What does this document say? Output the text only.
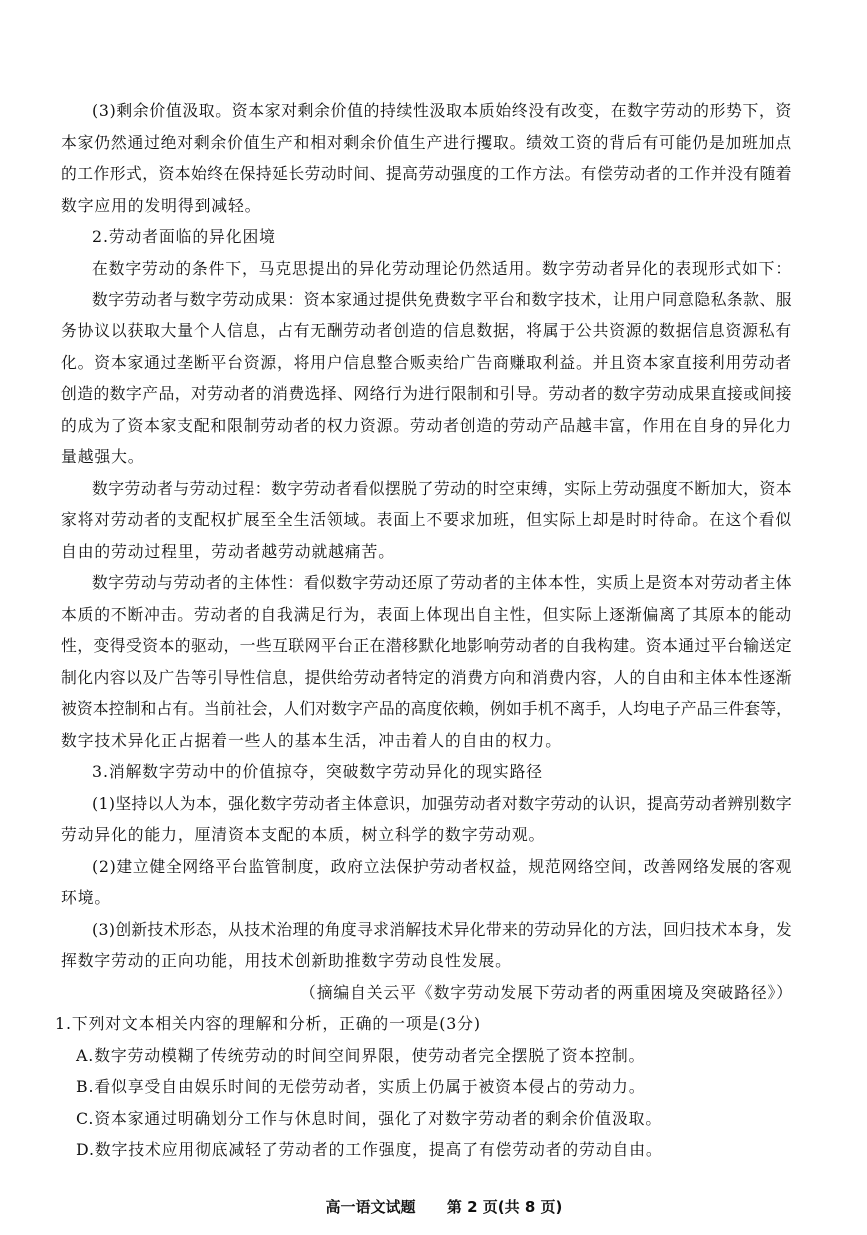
(3)剩余价值汲取。资本家对剩余价值的持续性汲取本质始终没有改变，在数字劳动的形势下，资
本家仍然通过绝对剩余价值生产和相对剩余价值生产进行攫取。绩效工资的背后有可能仍是加班加点
的工作形式，资本始终在保持延长劳动时间、提高劳动强度的工作方法。有偿劳动者的工作并没有随着
数字应用的发明得到减轻。
2.劳动者面临的异化困境
在数字劳动的条件下，马克思提出的异化劳动理论仍然适用。数字劳动者异化的表现形式如下：
数字劳动者与数字劳动成果：资本家通过提供免费数字平台和数字技术，让用户同意隐私条款、服
务协议以获取大量个人信息，占有无酬劳动者创造的信息数据，将属于公共资源的数据信息资源私有
化。资本家通过垄断平台资源，将用户信息整合贩卖给广告商赚取利益。并且资本家直接利用劳动者
创造的数字产品，对劳动者的消费选择、网络行为进行限制和引导。劳动者的数字劳动成果直接或间接
的成为了资本家支配和限制劳动者的权力资源。劳动者创造的劳动产品越丰富，作用在自身的异化力
量越强大。
数字劳动者与劳动过程：数字劳动者看似摆脱了劳动的时空束缚，实际上劳动强度不断加大，资本
家将对劳动者的支配权扩展至全生活领域。表面上不要求加班，但实际上却是时时待命。在这个看似
自由的劳动过程里，劳动者越劳动就越痛苦。
数字劳动与劳动者的主体性：看似数字劳动还原了劳动者的主体本性，实质上是资本对劳动者主体
本质的不断冲击。劳动者的自我满足行为，表面上体现出自主性，但实际上逐渐偏离了其原本的能动
性，变得受资本的驱动，一些互联网平台正在潜移默化地影响劳动者的自我构建。资本通过平台输送定
制化内容以及广告等引导性信息，提供给劳动者特定的消费方向和消费内容，人的自由和主体本性逐渐
被资本控制和占有。当前社会，人们对数字产品的高度依赖，例如手机不离手，人均电子产品三件套等，
数字技术异化正占据着一些人的基本生活，冲击着人的自由的权力。
3.消解数字劳动中的价值掠夺，突破数字劳动异化的现实路径
(1)坚持以人为本，强化数字劳动者主体意识，加强劳动者对数字劳动的认识，提高劳动者辨别数字
劳动异化的能力，厘清资本支配的本质，树立科学的数字劳动观。
(2)建立健全网络平台监管制度，政府立法保护劳动者权益，规范网络空间，改善网络发展的客观
环境。
(3)创新技术形态，从技术治理的角度寻求消解技术异化带来的劳动异化的方法，回归技术本身，发
挥数字劳动的正向功能，用技术创新助推数字劳动良性发展。
（摘编自关云平《数字劳动发展下劳动者的两重困境及突破路径》）
1.下列对文本相关内容的理解和分析，正确的一项是(3分)
A.数字劳动模糊了传统劳动的时间空间界限，使劳动者完全摆脱了资本控制。
B.看似享受自由娱乐时间的无偿劳动者，实质上仍属于被资本侵占的劳动力。
C.资本家通过明确划分工作与休息时间，强化了对数字劳动者的剩余价值汲取。
D.数字技术应用彻底减轻了劳动者的工作强度，提高了有偿劳动者的劳动自由。

高一语文试题 第 2 页(共 8 页)
